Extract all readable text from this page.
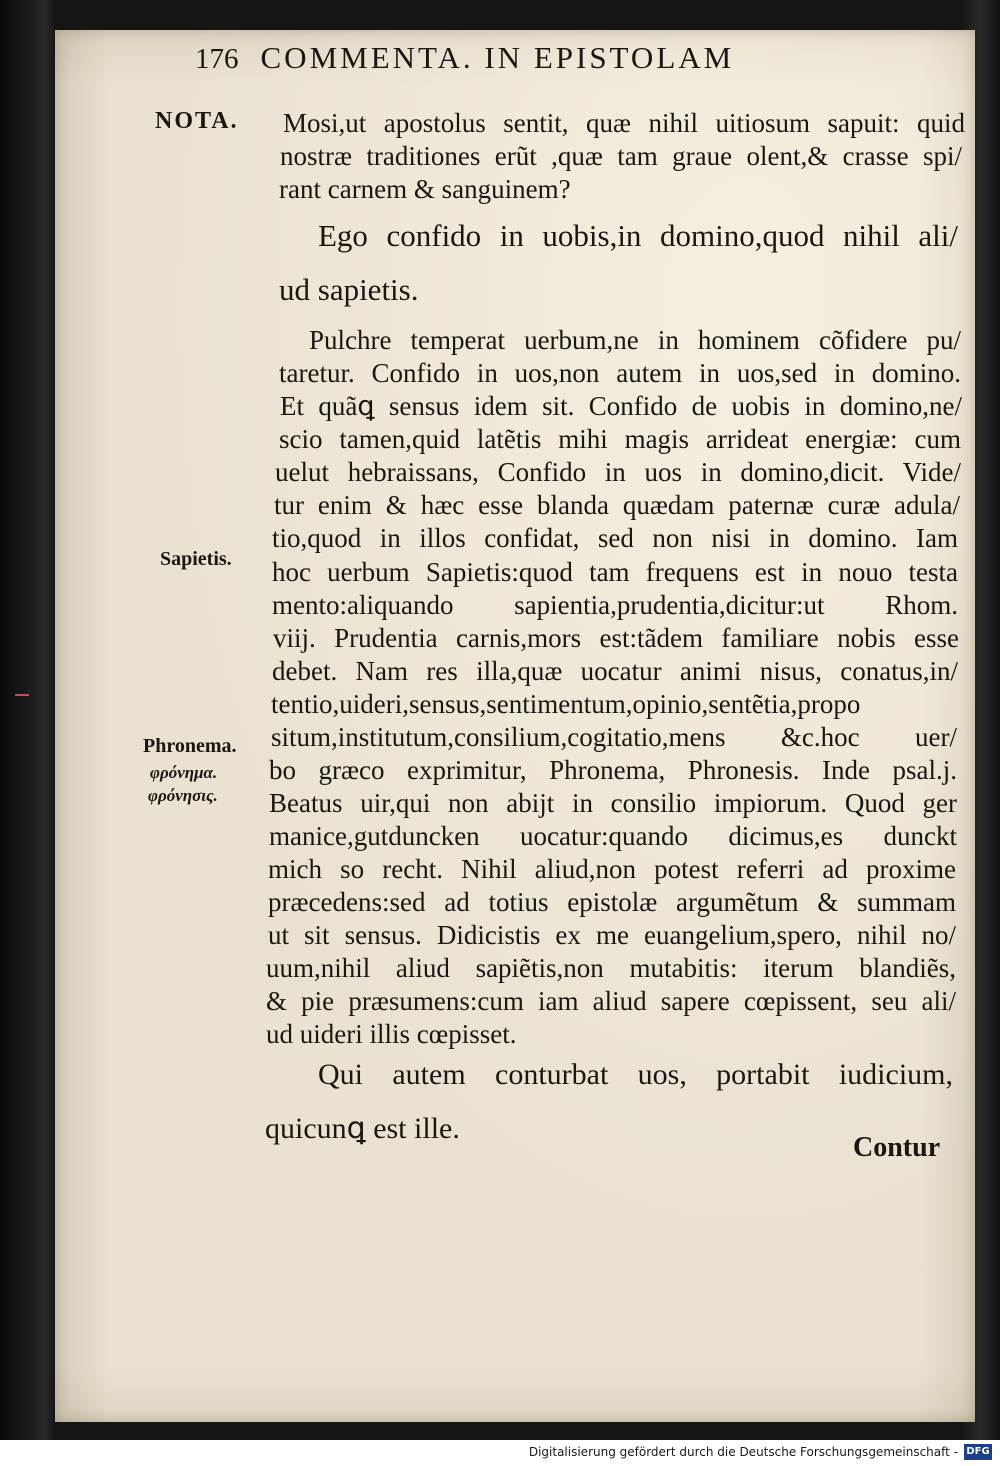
176 COMMENTA. IN EPISTOLAM
NOTA. Mosi,ut apostolus sentit, quæ nihil uitiosum sapuit: quid
nostræ traditiones erũt ,quæ tam graue olent,& crasse spi/
rant carnem & sanguinem?
Ego confido in uobis,in domino,quod nihil ali/
ud sapietis.
Pulchre temperat uerbum,ne in hominem cõfidere pu/
taretur. Confido in uos,non autem in uos,sed in domino.
Et quãꝗ sensus idem sit. Confido de uobis in domino,ne/
scio tamen,quid latẽtis mihi magis arrideat energiæ: cum
uelut hebraissans, Confido in uos in domino,dicit. Vide/
tur enim & hæc esse blanda quædam paternæ curæ adula/
tio,quod in illos confidat, sed non nisi in domino. Iam
hoc uerbum Sapietis:quod tam frequens est in nouo testa
mento:aliquando sapientia,prudentia,dicitur:ut Rhom.
viij. Prudentia carnis,mors est:tãdem familiare nobis esse
debet. Nam res illa,quæ uocatur animi nisus, conatus,in/
tentio,uideri,sensus,sentimentum,opinio,sentẽtia,propo
situm,institutum,consilium,cogitatio,mens &c.hoc uer/
bo græco exprimitur, Phronema, Phronesis. Inde psal.j.
Beatus uir,qui non abijt in consilio impiorum. Quod ger
manice,gutduncken uocatur:quando dicimus,es dunckt
mich so recht. Nihil aliud,non potest referri ad proxime
præcedens:sed ad totius epistolæ argumẽtum & summam
ut sit sensus. Didicistis ex me euangelium,spero, nihil no/
uum,nihil aliud sapiẽtis,non mutabitis: iterum blandiẽs,
& pie præsumens:cum iam aliud sapere cœpissent, seu ali/
ud uideri illis cœpisset.
Qui autem conturbat uos, portabit iudicium,
quicunꝗ est ille.
Sapietis.
Phronema.
φρόνημα.
φρόνησις.
Contur
Digitalisierung gefördert durch die Deutsche Forschungsgemeinschaft - DFG
